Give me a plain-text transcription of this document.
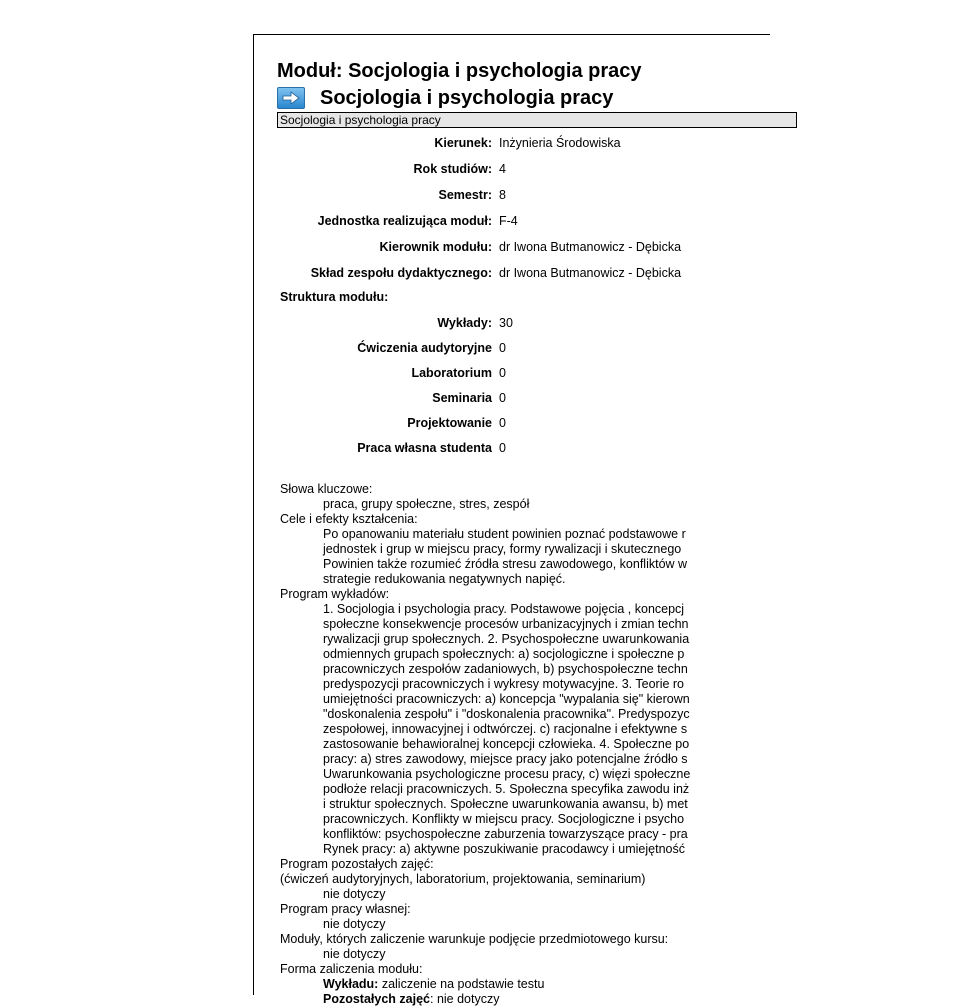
Moduł: Socjologia i psychologia pracy
Socjologia i psychologia pracy
Socjologia i psychologia pracy
Kierunek: Inżynieria Środowiska
Rok studiów: 4
Semestr: 8
Jednostka realizująca moduł: F-4
Kierownik modułu: dr Iwona Butmanowicz - Dębicka
Skład zespołu dydaktycznego: dr Iwona Butmanowicz - Dębicka
Struktura modułu:
Wykłady: 30
Ćwiczenia audytoryjne 0
Laboratorium 0
Seminaria 0
Projektowanie 0
Praca własna studenta 0
Słowa kluczowe:
praca, grupy społeczne, stres, zespół
Cele i efekty kształcenia:
Po opanowaniu materiału student powinien poznać podstawowe r
jednostek i grup w miejscu pracy, formy rywalizacji i skutecznego
Powinien także rozumieć źródła stresu zawodowego, konfliktów w
strategie redukowania negatywnych napięć.
Program wykładów:
1. Socjologia i psychologia pracy. Podstawowe pojęcia , koncepcj
społeczne konsekwencje procesów urbanizacyjnych i zmian techn
rywalizacji grup społecznych. 2. Psychospołeczne uwarunkowania
odmiennych grupach społecznych: a) socjologiczne i społeczne p
pracowniczych zespołów zadaniowych, b) psychospołeczne techn
predyspozycji pracowniczych i wykresy motywacyjne. 3. Teorie ro
umiejętności pracowniczych: a) koncepcja "wypalania się" kierown
"doskonalenia zespołu" i "doskonalenia pracownika". Predyspozyc
zespołowej, innowacyjnej i odtwórczej. c) racjonalne i efektywne s
zastosowanie behawioralnej koncepcji człowieka. 4. Społeczne po
pracy: a) stres zawodowy, miejsce pracy jako potencjalne źródło s
Uwarunkowania psychologiczne procesu pracy, c) więzi społeczne
podłoże relacji pracowniczych. 5. Społeczna specyfika zawodu inż
i struktur społecznych. Społeczne uwarunkowania awansu, b) met
pracowniczych. Konflikty w miejscu pracy. Socjologiczne i psycho
konfliktów: psychospołeczne zaburzenia towarzyszące pracy - pra
Rynek pracy: a) aktywne poszukiwanie pracodawcy i umiejętność
Program pozostałych zajęć:
(ćwiczeń audytoryjnych, laboratorium, projektowania, seminarium)
nie dotyczy
Program pracy własnej:
nie dotyczy
Moduły, których zaliczenie warunkuje podjęcie przedmiotowego kursu:
nie dotyczy
Forma zaliczenia modułu:
Wykładu: zaliczenie na podstawie testu
Pozostałych zajęć: nie dotyczy
